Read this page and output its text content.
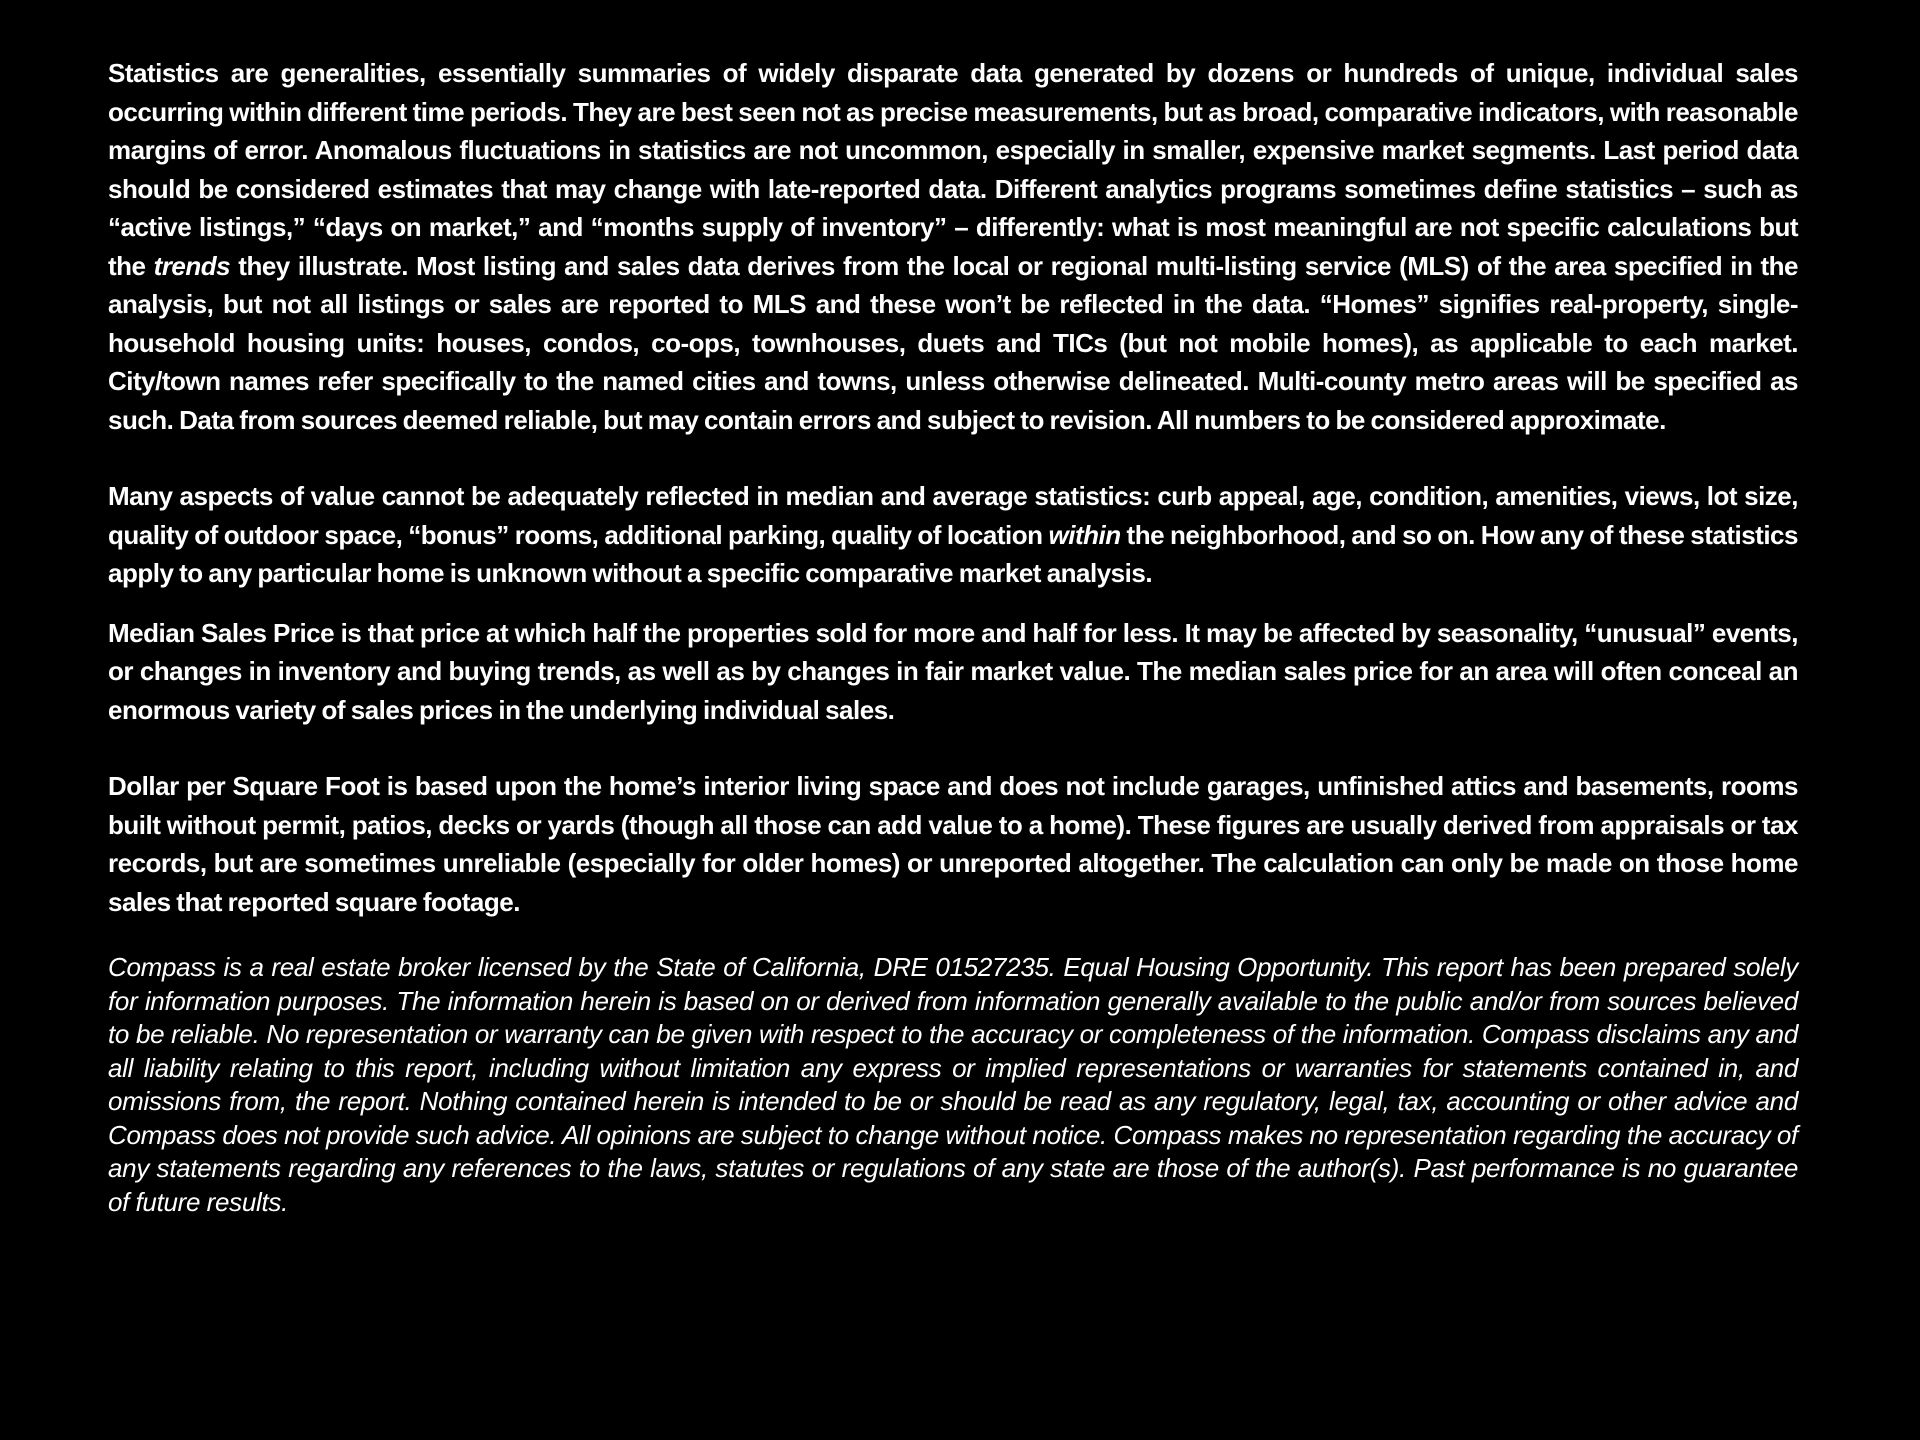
Statistics are generalities, essentially summaries of widely disparate data generated by dozens or hundreds of unique, individual sales occurring within different time periods. They are best seen not as precise measurements, but as broad, comparative indicators, with reasonable margins of error. Anomalous fluctuations in statistics are not uncommon, especially in smaller, expensive market segments. Last period data should be considered estimates that may change with late-reported data. Different analytics programs sometimes define statistics – such as “active listings,” “days on market,” and “months supply of inventory” – differently: what is most meaningful are not specific calculations but the trends they illustrate. Most listing and sales data derives from the local or regional multi-listing service (MLS) of the area specified in the analysis, but not all listings or sales are reported to MLS and these won’t be reflected in the data. “Homes” signifies real-property, single-household housing units: houses, condos, co-ops, townhouses, duets and TICs (but not mobile homes), as applicable to each market. City/town names refer specifically to the named cities and towns, unless otherwise delineated. Multi-county metro areas will be specified as such. Data from sources deemed reliable, but may contain errors and subject to revision. All numbers to be considered approximate.

Many aspects of value cannot be adequately reflected in median and average statistics: curb appeal, age, condition, amenities, views, lot size, quality of outdoor space, “bonus” rooms, additional parking, quality of location within the neighborhood, and so on. How any of these statistics apply to any particular home is unknown without a specific comparative market analysis.

Median Sales Price is that price at which half the properties sold for more and half for less. It may be affected by seasonality, “unusual” events, or changes in inventory and buying trends, as well as by changes in fair market value. The median sales price for an area will often conceal an enormous variety of sales prices in the underlying individual sales.

Dollar per Square Foot is based upon the home’s interior living space and does not include garages, unfinished attics and basements, rooms built without permit, patios, decks or yards (though all those can add value to a home). These figures are usually derived from appraisals or tax records, but are sometimes unreliable (especially for older homes) or unreported altogether. The calculation can only be made on those home sales that reported square footage.

Compass is a real estate broker licensed by the State of California, DRE 01527235. Equal Housing Opportunity. This report has been prepared solely for information purposes. The information herein is based on or derived from information generally available to the public and/or from sources believed to be reliable. No representation or warranty can be given with respect to the accuracy or completeness of the information. Compass disclaims any and all liability relating to this report, including without limitation any express or implied representations or warranties for statements contained in, and omissions from, the report. Nothing contained herein is intended to be or should be read as any regulatory, legal, tax, accounting or other advice and Compass does not provide such advice. All opinions are subject to change without notice. Compass makes no representation regarding the accuracy of any statements regarding any references to the laws, statutes or regulations of any state are those of the author(s). Past performance is no guarantee of future results.
